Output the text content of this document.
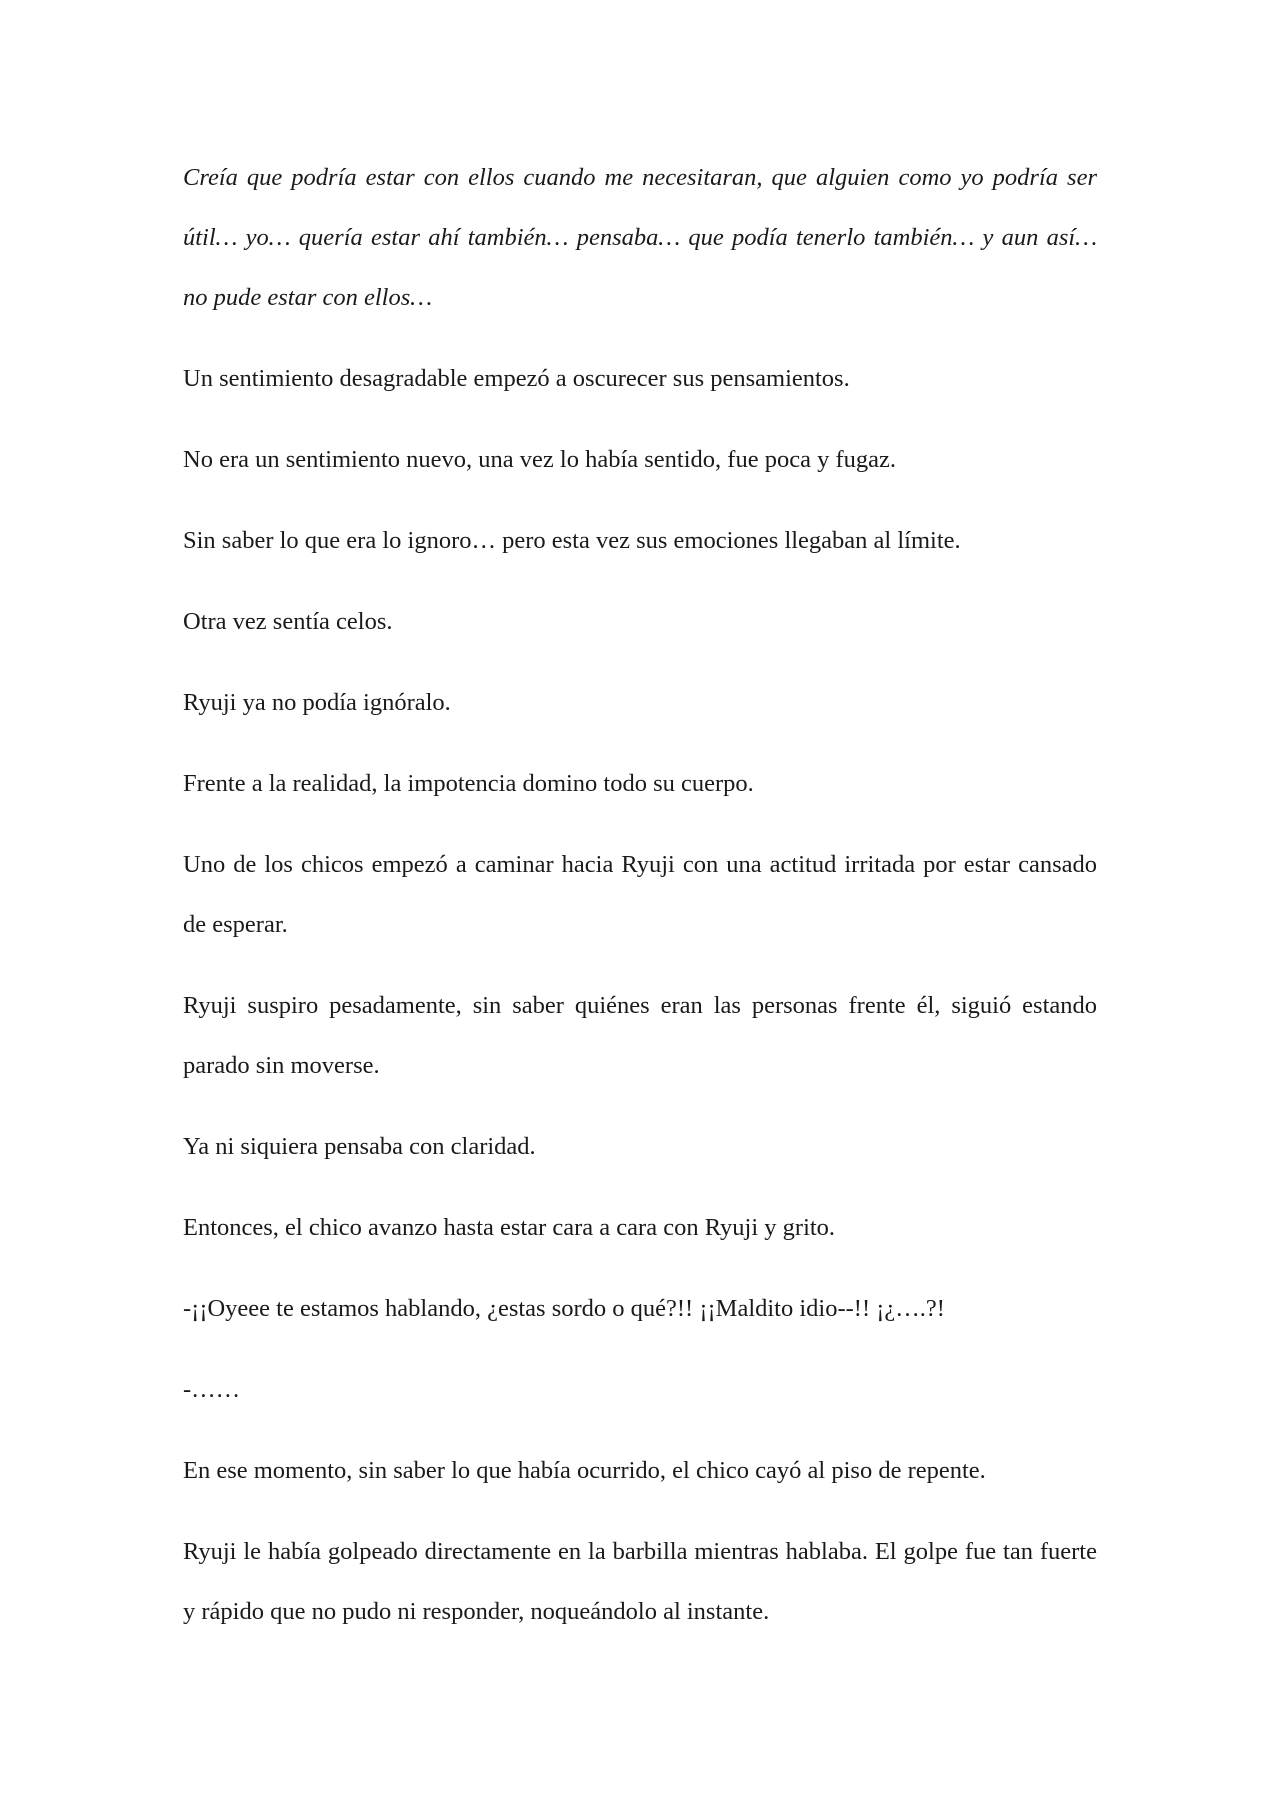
Creía que podría estar con ellos cuando me necesitaran, que alguien como yo podría ser útil… yo… quería estar ahí también… pensaba… que podía tenerlo también… y aun así… no pude estar con ellos…

Un sentimiento desagradable empezó a oscurecer sus pensamientos.

No era un sentimiento nuevo, una vez lo había sentido, fue poca y fugaz.

Sin saber lo que era lo ignoro… pero esta vez sus emociones llegaban al límite.

Otra vez sentía celos.

Ryuji ya no podía ignóralo.

Frente a la realidad, la impotencia domino todo su cuerpo.

Uno de los chicos empezó a caminar hacia Ryuji con una actitud irritada por estar cansado de esperar.

Ryuji suspiro pesadamente, sin saber quiénes eran las personas frente él, siguió estando parado sin moverse.

Ya ni siquiera pensaba con claridad.

Entonces, el chico avanzo hasta estar cara a cara con Ryuji y grito.

-¡¡Oyeee te estamos hablando, ¿estas sordo o qué?!! ¡¡Maldito idio--!! ¡¿….?!

-……

En ese momento, sin saber lo que había ocurrido, el chico cayó al piso de repente.

Ryuji le había golpeado directamente en la barbilla mientras hablaba. El golpe fue tan fuerte y rápido que no pudo ni responder, noqueándolo al instante.
